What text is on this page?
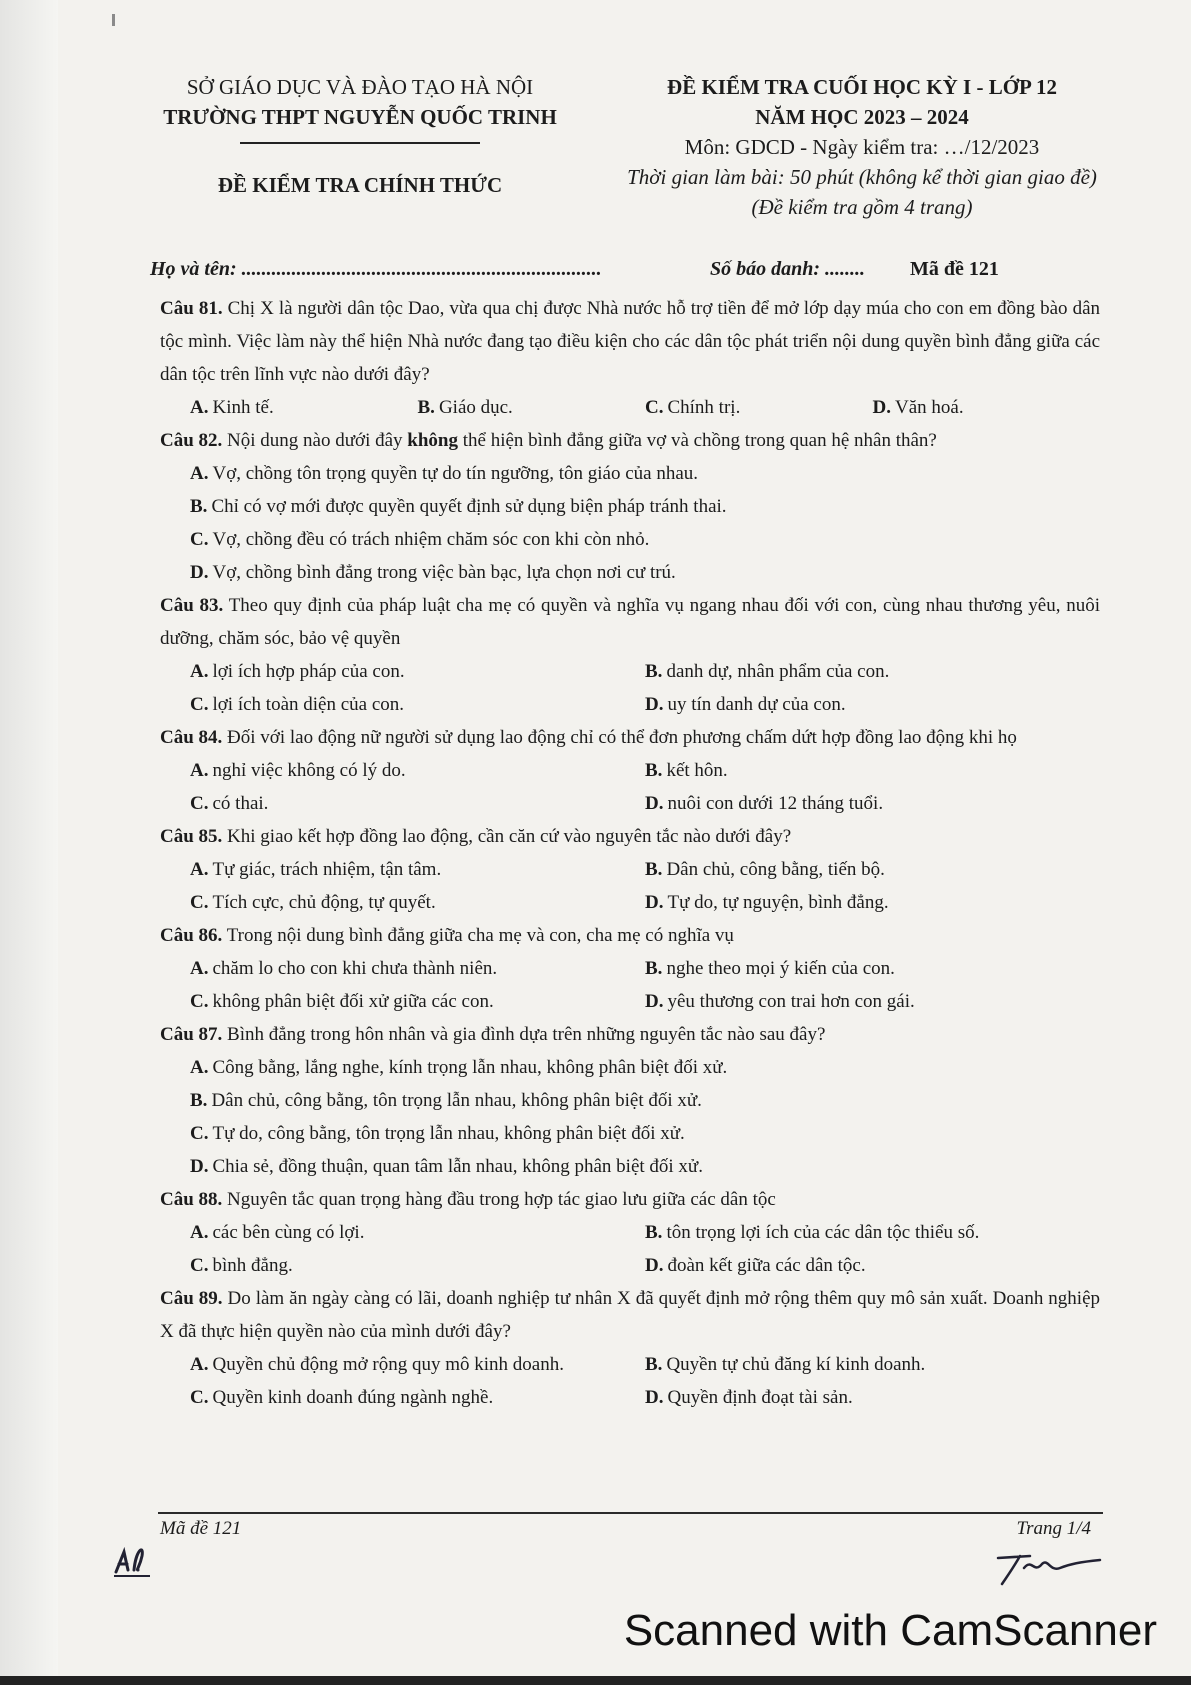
SỞ GIÁO DỤC VÀ ĐÀO TẠO HÀ NỘI
TRƯỜNG THPT NGUYỄN QUỐC TRINH
ĐỀ KIỂM TRA CHÍNH THỨC
ĐỀ KIỂM TRA CUỐI HỌC KỲ I - LỚP 12
NĂM HỌC 2023 – 2024
Môn: GDCD - Ngày kiểm tra: …/12/2023
Thời gian làm bài: 50 phút (không kể thời gian giao đề)
(Đề kiểm tra gồm 4 trang)
Họ và tên: ........................................................................	Số báo danh: ........ Mã đề 121
Câu 81. Chị X là người dân tộc Dao, vừa qua chị được Nhà nước hỗ trợ tiền để mở lớp dạy múa cho con em đồng bào dân tộc mình. Việc làm này thể hiện Nhà nước đang tạo điều kiện cho các dân tộc phát triển nội dung quyền bình đẳng giữa các dân tộc trên lĩnh vực nào dưới đây?
A. Kinh tế.	B. Giáo dục.	C. Chính trị.	D. Văn hoá.
Câu 82. Nội dung nào dưới đây không thể hiện bình đẳng giữa vợ và chồng trong quan hệ nhân thân?
A. Vợ, chồng tôn trọng quyền tự do tín ngưỡng, tôn giáo của nhau.
B. Chỉ có vợ mới được quyền quyết định sử dụng biện pháp tránh thai.
C. Vợ, chồng đều có trách nhiệm chăm sóc con khi còn nhỏ.
D. Vợ, chồng bình đẳng trong việc bàn bạc, lựa chọn nơi cư trú.
Câu 83. Theo quy định của pháp luật cha mẹ có quyền và nghĩa vụ ngang nhau đối với con, cùng nhau thương yêu, nuôi dưỡng, chăm sóc, bảo vệ quyền
A. lợi ích hợp pháp của con.	B. danh dự, nhân phẩm của con.
C. lợi ích toàn diện của con.	D. uy tín danh dự của con.
Câu 84. Đối với lao động nữ người sử dụng lao động chỉ có thể đơn phương chấm dứt hợp đồng lao động khi họ
A. nghỉ việc không có lý do.	B. kết hôn.
C. có thai.	D. nuôi con dưới 12 tháng tuổi.
Câu 85. Khi giao kết hợp đồng lao động, cần căn cứ vào nguyên tắc nào dưới đây?
A. Tự giác, trách nhiệm, tận tâm.	B. Dân chủ, công bằng, tiến bộ.
C. Tích cực, chủ động, tự quyết.	D. Tự do, tự nguyện, bình đẳng.
Câu 86. Trong nội dung bình đẳng giữa cha mẹ và con, cha mẹ có nghĩa vụ
A. chăm lo cho con khi chưa thành niên.	B. nghe theo mọi ý kiến của con.
C. không phân biệt đối xử giữa các con.	D. yêu thương con trai hơn con gái.
Câu 87. Bình đẳng trong hôn nhân và gia đình dựa trên những nguyên tắc nào sau đây?
A. Công bằng, lắng nghe, kính trọng lẫn nhau, không phân biệt đối xử.
B. Dân chủ, công bằng, tôn trọng lẫn nhau, không phân biệt đối xử.
C. Tự do, công bằng, tôn trọng lẫn nhau, không phân biệt đối xử.
D. Chia sẻ, đồng thuận, quan tâm lẫn nhau, không phân biệt đối xử.
Câu 88. Nguyên tắc quan trọng hàng đầu trong hợp tác giao lưu giữa các dân tộc
A. các bên cùng có lợi.	B. tôn trọng lợi ích của các dân tộc thiểu số.
C. bình đẳng.	D. đoàn kết giữa các dân tộc.
Câu 89. Do làm ăn ngày càng có lãi, doanh nghiệp tư nhân X đã quyết định mở rộng thêm quy mô sản xuất. Doanh nghiệp X đã thực hiện quyền nào của mình dưới đây?
A. Quyền chủ động mở rộng quy mô kinh doanh.	B. Quyền tự chủ đăng kí kinh doanh.
C. Quyền kinh doanh đúng ngành nghề.	D. Quyền định đoạt tài sản.
Mã đề 121	Trang 1/4
Scanned with CamScanner
